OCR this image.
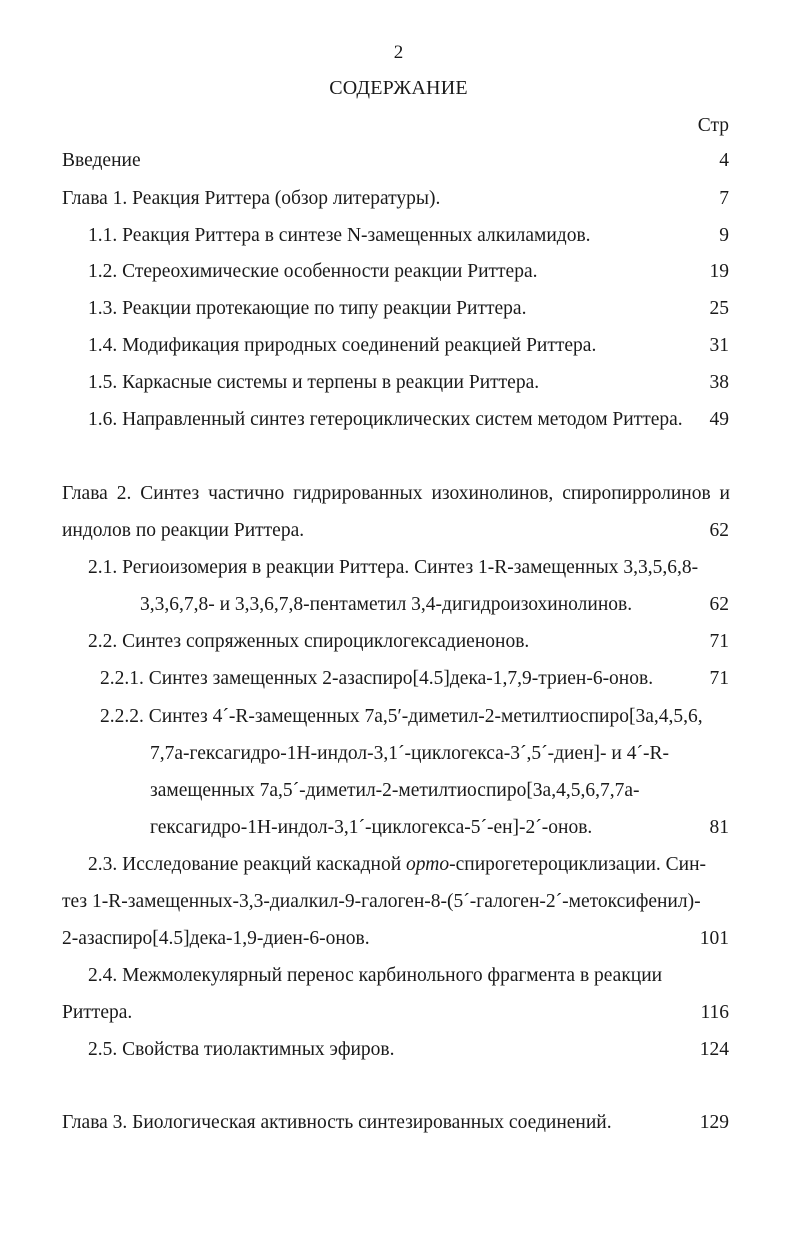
2
СОДЕРЖАНИЕ
Стр
Введение	4
Глава 1. Реакция Риттера (обзор литературы).	7
1.1. Реакция Риттера в синтезе N-замещенных алкиламидов.	9
1.2. Стереохимические особенности реакции Риттера.	19
1.3. Реакции протекающие по типу реакции Риттера.	25
1.4. Модификация природных соединений реакцией Риттера.	31
1.5. Каркасные системы и терпены в реакции Риттера.	38
1.6. Направленный синтез гетероциклических систем методом Риттера. 49
Глава 2. Синтез частично гидрированных изохинолинов, спиропирролинов и
индолов по реакции Риттера.	62
2.1. Региоизомерия в реакции Риттера. Синтез 1-R-замещенных 3,3,5,6,8-
3,3,6,7,8- и 3,3,6,7,8-пентаметил 3,4-дигидроизохинолинов.	62
2.2. Синтез сопряженных спироциклогексадиенонов.	71
2.2.1. Синтез замещенных 2-азаспиро[4.5]дека-1,7,9-триен-6-онов.	71
2.2.2. Синтез 4´-R-замещенных 7а,5′-диметил-2-метилтиоспиро[3а,4,5,6,
7,7а-гексагидро-1Н-индол-3,1´-циклогекса-3´,5´-диен]- и 4´-R-
замещенных 7а,5´-диметил-2-метилтиоспиро[3а,4,5,6,7,7а-
гексагидро-1Н-индол-3,1´-циклогекса-5´-ен]-2´-онов.	81
2.3. Исследование реакций каскадной орто-спирогетероциклизации. Син-
тез 1-R-замещенных-3,3-диалкил-9-галоген-8-(5´-галоген-2´-метоксифенил)-
2-азаспиро[4.5]дека-1,9-диен-6-онов.	101
2.4. Межмолекулярный перенос карбинольного фрагмента в реакции
Риттера.	116
2.5. Свойства тиолактимных эфиров.	124
Глава 3. Биологическая активность синтезированных соединений.	129
